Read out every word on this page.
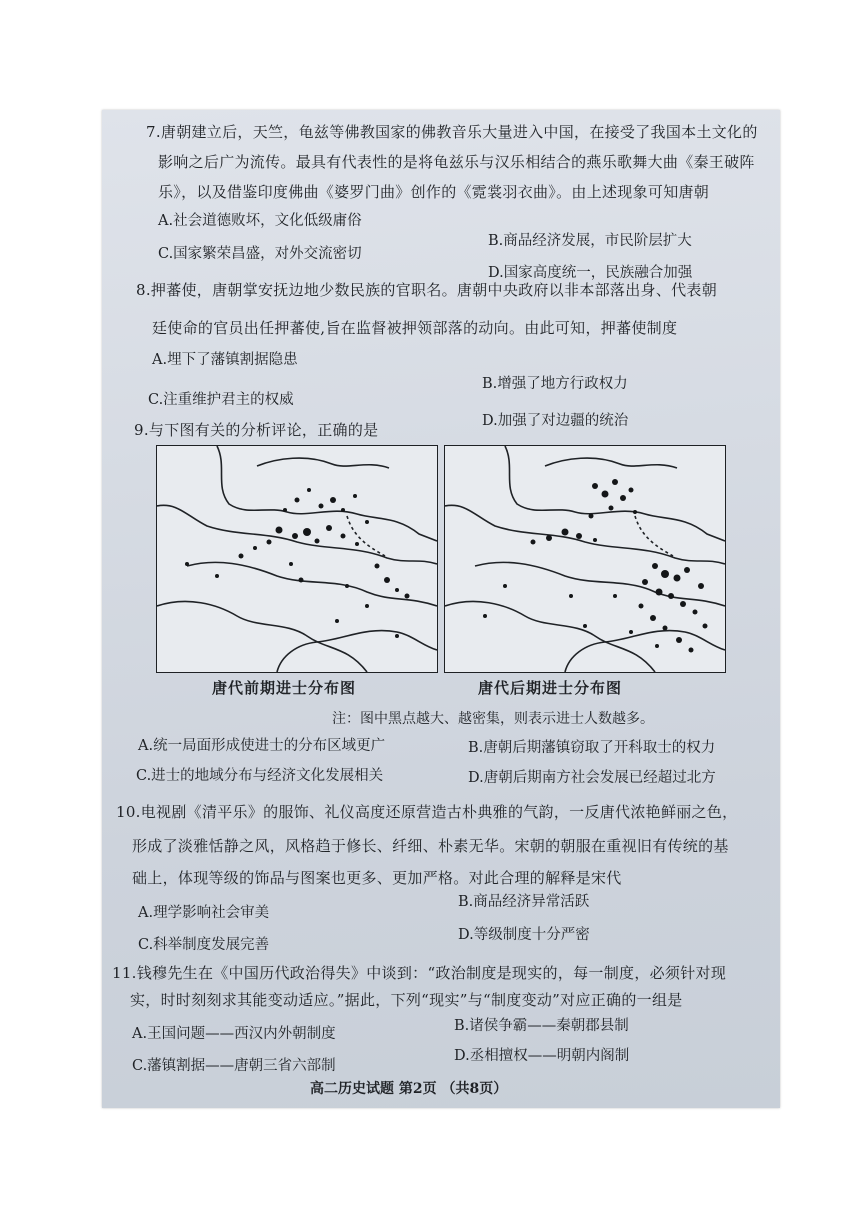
7.唐朝建立后，天竺，龟兹等佛教国家的佛教音乐大量进入中国，在接受了我国本土文化的
影响之后广为流传。最具有代表性的是将龟兹乐与汉乐相结合的燕乐歌舞大曲《秦王破阵
乐》，以及借鉴印度佛曲《婆罗门曲》创作的《霓裳羽衣曲》。由上述现象可知唐朝
A.社会道德败坏，文化低级庸俗
B.商品经济发展，市民阶层扩大
C.国家繁荣昌盛，对外交流密切
D.国家高度统一，民族融合加强
8.押蕃使，唐朝掌安抚边地少数民族的官职名。唐朝中央政府以非本部落出身、代表朝
廷使命的官员出任押蕃使,旨在监督被押领部落的动向。由此可知，押蕃使制度
A.埋下了藩镇割据隐患
B.增强了地方行政权力
C.注重维护君主的权威
D.加强了对边疆的统治
9.与下图有关的分析评论，正确的是
唐代前期进士分布图	唐代后期进士分布图
注：图中黑点越大、越密集，则表示进士人数越多。
A.统一局面形成使进士的分布区域更广	B.唐朝后期藩镇窃取了开科取士的权力
C.进士的地域分布与经济文化发展相关	D.唐朝后期南方社会发展已经超过北方
10.电视剧《清平乐》的服饰、礼仪高度还原营造古朴典雅的气韵，一反唐代浓艳鲜丽之色，
形成了淡雅恬静之风，风格趋于修长、纤细、朴素无华。宋朝的朝服在重视旧有传统的基
础上，体现等级的饰品与图案也更多、更加严格。对此合理的解释是宋代
A.理学影响社会审美
B.商品经济异常活跃
C.科举制度发展完善
D.等级制度十分严密
11.钱穆先生在《中国历代政治得失》中谈到：“政治制度是现实的，每一制度，必须针对现
实，时时刻刻求其能变动适应。”据此，下列“现实”与“制度变动”对应正确的一组是
A.王国问题——西汉内外朝制度	B.诸侯争霸——秦朝郡县制
C.藩镇割据——唐朝三省六部制
D.丞相擅权——明朝内阁制
高二历史试题 第2页 （共8页）
